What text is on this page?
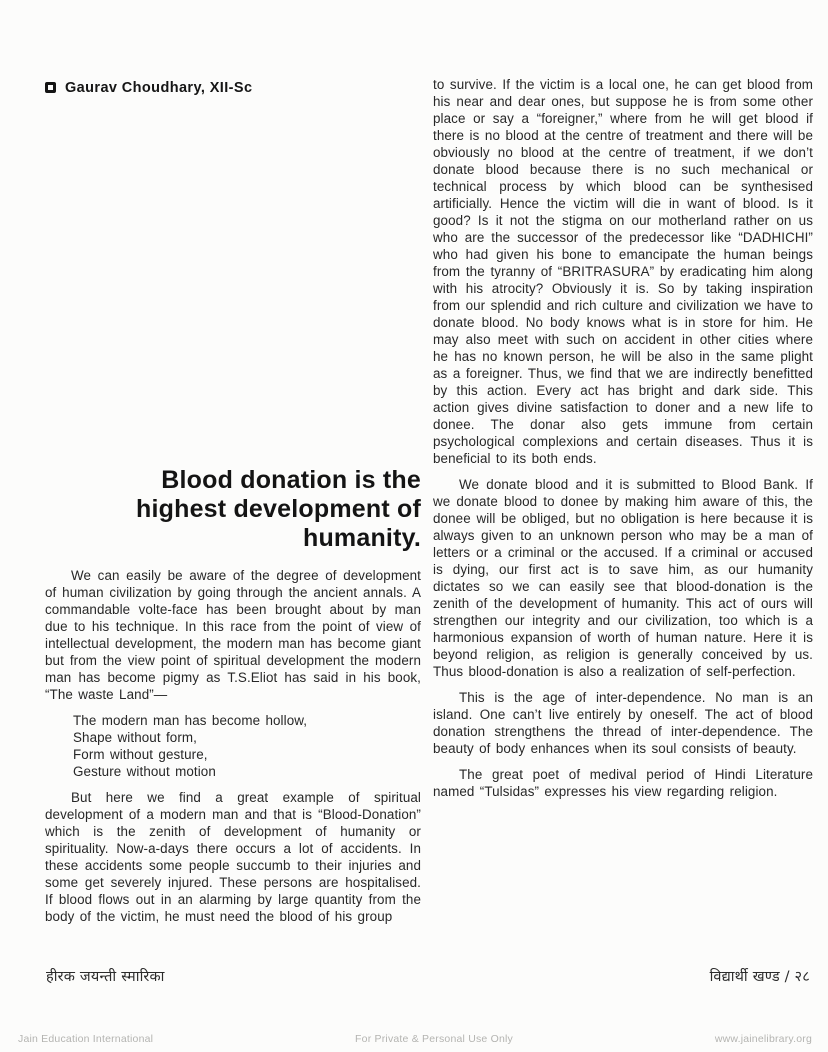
Gaurav Choudhary, XII-Sc
Blood donation is the
highest development of
humanity.

We can easily be aware of the degree of development of human civilization by going through the ancient annals. A commandable volte-face has been brought about by man due to his technique. In this race from the point of view of intellectual development, the modern man has become giant but from the view point of spiritual development the modern man has become pigmy as T.S.Eliot has said in his book, “The waste Land”—

The modern man has become hollow,
Shape without form,
Form without gesture,
Gesture without motion

But here we find a great example of spiritual development of a modern man and that is “Blood-Donation” which is the zenith of development of humanity or spirituality. Now-a-days there occurs a lot of accidents. In these accidents some people succumb to their injuries and some get severely injured. These persons are hospitalised. If blood flows out in an alarming by large quantity from the body of the victim, he must need the blood of his group

to survive. If the victim is a local one, he can get blood from his near and dear ones, but suppose he is from some other place or say a “foreigner,” where from he will get blood if there is no blood at the centre of treatment and there will be obviously no blood at the centre of treatment, if we don’t donate blood because there is no such mechanical or technical process by which blood can be synthesised artificially. Hence the victim will die in want of blood. Is it good? Is it not the stigma on our motherland rather on us who are the successor of the predecessor like “DADHICHI” who had given his bone to emancipate the human beings from the tyranny of “BRITRASURA” by eradicating him along with his atrocity? Obviously it is. So by taking inspiration from our splendid and rich culture and civilization we have to donate blood. No body knows what is in store for him. He may also meet with such on accident in other cities where he has no known person, he will be also in the same plight as a foreigner. Thus, we find that we are indirectly benefitted by this action. Every act has bright and dark side. This action gives divine satisfaction to doner and a new life to donee. The donar also gets immune from certain psychological complexions and certain diseases. Thus it is beneficial to its both ends.

We donate blood and it is submitted to Blood Bank. If we donate blood to donee by making him aware of this, the donee will be obliged, but no obligation is here because it is always given to an unknown person who may be a man of letters or a criminal or the accused. If a criminal or accused is dying, our first act is to save him, as our humanity dictates so we can easily see that blood-donation is the zenith of the development of humanity. This act of ours will strengthen our integrity and our civilization, too which is a harmonious expansion of worth of human nature. Here it is beyond religion, as religion is generally conceived by us. Thus blood-donation is also a realization of self-perfection.

This is the age of inter-dependence. No man is an island. One can’t live entirely by oneself. The act of blood donation strengthens the thread of inter-dependence. The beauty of body enhances when its soul consists of beauty.

The great poet of medival period of Hindi Literature named “Tulsidas” expresses his view regarding religion.

हीरक जयन्ती स्मारिका	विद्यार्थी खण्ड / २८
Jain Education International	For Private & Personal Use Only	www.jainelibrary.org
